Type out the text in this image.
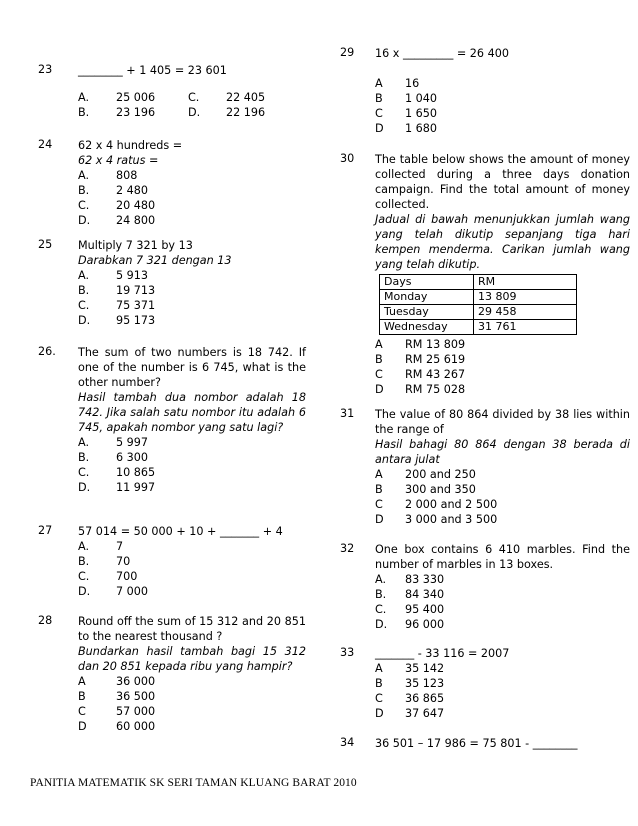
23	________ + 1 405 = 23 601
A.	25 006	C.	22 405
B.	23 196	D.	22 196
24	62 x 4 hundreds =
62 x 4 ratus =
A.	808
B.	2 480
C.	20 480
D.	24 800
25	Multiply 7 321 by 13
Darabkan 7 321 dengan 13
A.	5 913
B.	19 713
C.	75 371
D.	95 173
26.	The sum of two numbers is 18 742. If one of the number is 6 745, what is the other number?
Hasil tambah dua nombor adalah 18 742. Jika salah satu nombor itu adalah 6 745, apakah nombor yang satu lagi?
A.	5 997
B.	6 300
C.	10 865
D.	11 997
27	57 014 = 50 000 + 10 + _______ + 4
A.	7
B.	70
C.	700
D.	7 000
28	Round off the sum of 15 312 and 20 851 to the nearest thousand ?
Bundarkan hasil tambah bagi 15 312 dan 20 851 kepada ribu yang hampir?
A	36 000
B	36 500
C	57 000
D	60 000
29	16 x _________ = 26 400
A	16
B	1 040
C	1 650
D	1 680
30	The table below shows the amount of money collected during a three days donation campaign. Find the total amount of money collected.
Jadual di bawah menunjukkan jumlah wang yang telah dikutip sepanjang tiga hari kempen menderma. Carikan jumlah wang yang telah dikutip.
Days	RM
Monday	13 809
Tuesday	29 458
Wednesday	31 761
A	RM 13 809
B	RM 25 619
C	RM 43 267
D	RM 75 028
31	The value of 80 864 divided by 38 lies within the range of
Hasil bahagi 80 864 dengan 38 berada di antara julat
A	200 and 250
B	300 and 350
C	2 000 and 2 500
D	3 000 and 3 500
32	One box contains 6 410 marbles. Find the number of marbles in 13 boxes.
A.	83 330
B.	84 340
C.	95 400
D.	96 000
33	_______ - 33 116 = 2007
A	35 142
B	35 123
C	36 865
D	37 647
34	36 501 – 17 986 = 75 801 - ________
PANITIA MATEMATIK SK SERI TAMAN KLUANG BARAT 2010
